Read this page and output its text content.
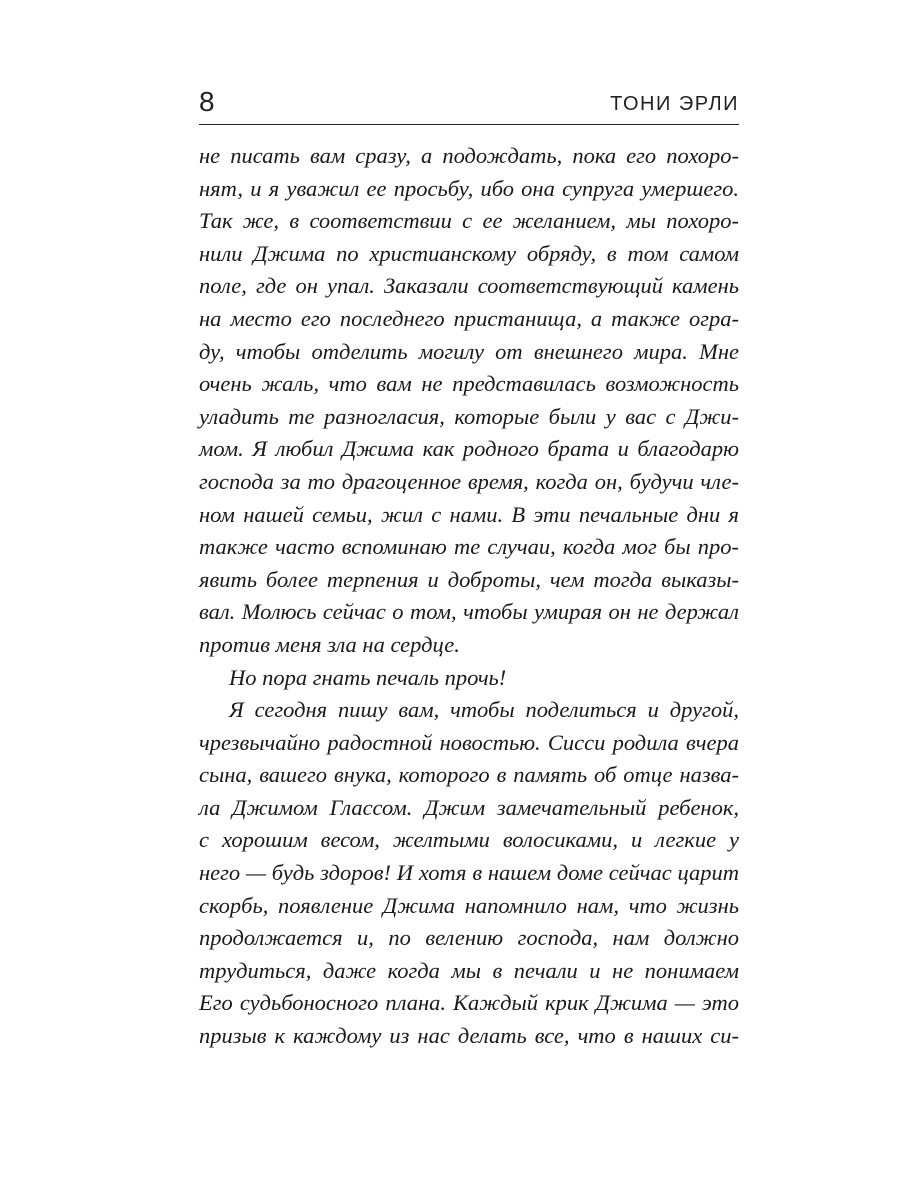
8	ТОНИ ЭРЛИ
не писать вам сразу, а подождать, пока его похоро-
нят, и я уважил ее просьбу, ибо она супруга умершего.
Так же, в соответствии с ее желанием, мы похоро-
нили Джима по христианскому обряду, в том самом
поле, где он упал. Заказали соответствующий камень
на место его последнего пристанища, а также огра-
ду, чтобы отделить могилу от внешнего мира. Мне
очень жаль, что вам не представилась возможность
уладить те разногласия, которые были у вас с Джи-
мом. Я любил Джима как родного брата и благодарю
господа за то драгоценное время, когда он, будучи чле-
ном нашей семьи, жил с нами. В эти печальные дни я
также часто вспоминаю те случаи, когда мог бы про-
явить более терпения и доброты, чем тогда выказы-
вал. Молюсь сейчас о том, чтобы умирая он не держал
против меня зла на сердце.
Но пора гнать печаль прочь!
Я сегодня пишу вам, чтобы поделиться и другой,
чрезвычайно радостной новостью. Сисси родила вчера
сына, вашего внука, которого в память об отце назва-
ла Джимом Глассом. Джим замечательный ребенок,
с хорошим весом, желтыми волосиками, и легкие у
него — будь здоров! И хотя в нашем доме сейчас царит
скорбь, появление Джима напомнило нам, что жизнь
продолжается и, по велению господа, нам должно
трудиться, даже когда мы в печали и не понимаем
Его судьбоносного плана. Каждый крик Джима — это
призыв к каждому из нас делать все, что в наших си-
